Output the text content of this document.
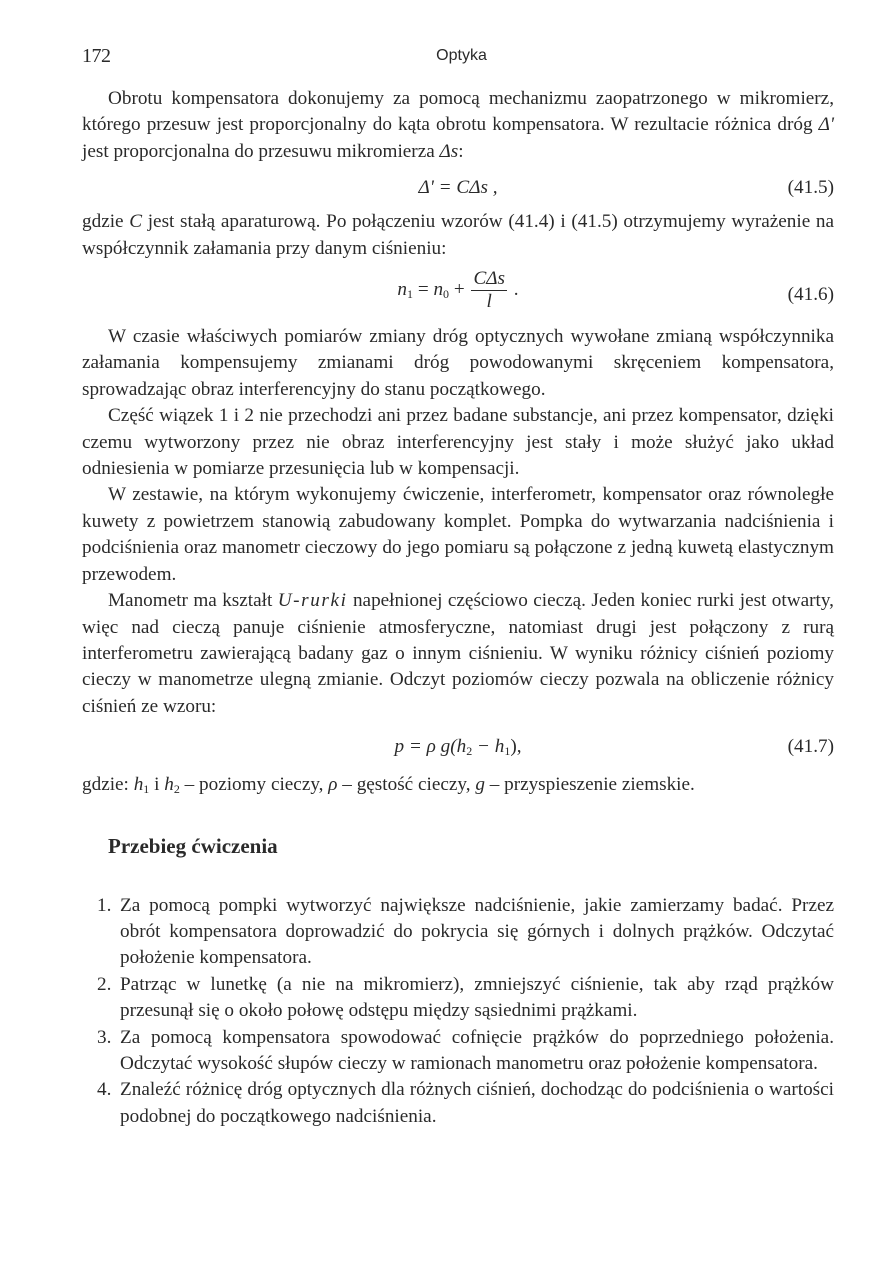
172	Optyka

Obrotu kompensatora dokonujemy za pomocą mechanizmu zaopatrzonego w mikromierz, którego przesuw jest proporcjonalny do kąta obrotu kompensatora. W rezultacie różnica dróg Δ' jest proporcjonalna do przesuwu mikromierza Δs:

Δ' = CΔs ,	(41.5)

gdzie C jest stałą aparaturową. Po połączeniu wzorów (41.4) i (41.5) otrzymujemy wyrażenie na współczynnik załamania przy danym ciśnieniu:

$n_1 = n_0 + \frac{\text{CΔs}}{l}$ .	(41.6)

W czasie właściwych pomiarów zmiany dróg optycznych wywołane zmianą współczynnika załamania kompensujemy zmianami dróg powodowanymi skręceniem kompensatora, sprowadzając obraz interferencyjny do stanu początkowego.

Część wiązek 1 i 2 nie przechodzi ani przez badane substancje, ani przez kompensator, dzięki czemu wytworzony przez nie obraz interferencyjny jest stały i może służyć jako układ odniesienia w pomiarze przesunięcia lub w kompensacji.

W zestawie, na którym wykonujemy ćwiczenie, interferometr, kompensator oraz równoległe kuwety z powietrzem stanowią zabudowany komplet. Pompka do wytwarzania nadciśnienia i podciśnienia oraz manometr cieczowy do jego pomiaru są połączone z jedną kuwetą elastycznym przewodem.

Manometr ma kształt U-rurki napełnionej częściowo cieczą. Jeden koniec rurki jest otwarty, więc nad cieczą panuje ciśnienie atmosferyczne, natomiast drugi jest połączony z rurą interferometru zawierającą badany gaz o innym ciśnieniu. W wyniku różnicy ciśnień poziomy cieczy w manometrze ulegną zmianie. Odczyt poziomów cieczy pozwala na obliczenie różnicy ciśnień ze wzoru:

p = ρ $g(h_2 - h_1)$,	(41.7)

gdzie: $h_1$ i $h_2$ – poziomy cieczy, ρ – gęstość cieczy, g – przyspieszenie ziemskie.

Przebieg ćwiczenia
1. Za pomocą pompki wytworzyć największe nadciśnienie, jakie zamierzamy badać. Przez obrót kompensatora doprowadzić do pokrycia się górnych i dolnych prążków. Odczytać położenie kompensatora.
2. Patrząc w lunetkę (a nie na mikromierz), zmniejszyć ciśnienie, tak aby rząd prążków przesunął się o około połowę odstępu między sąsiednimi prążkami.
3. Za pomocą kompensatora spowodować cofnięcie prążków do poprzedniego położenia. Odczytać wysokość słupów cieczy w ramionach manometru oraz położenie kompensatora.
4. Znaleźć różnicę dróg optycznych dla różnych ciśnień, dochodząc do podciśnienia o wartości podobnej do początkowego nadciśnienia.
